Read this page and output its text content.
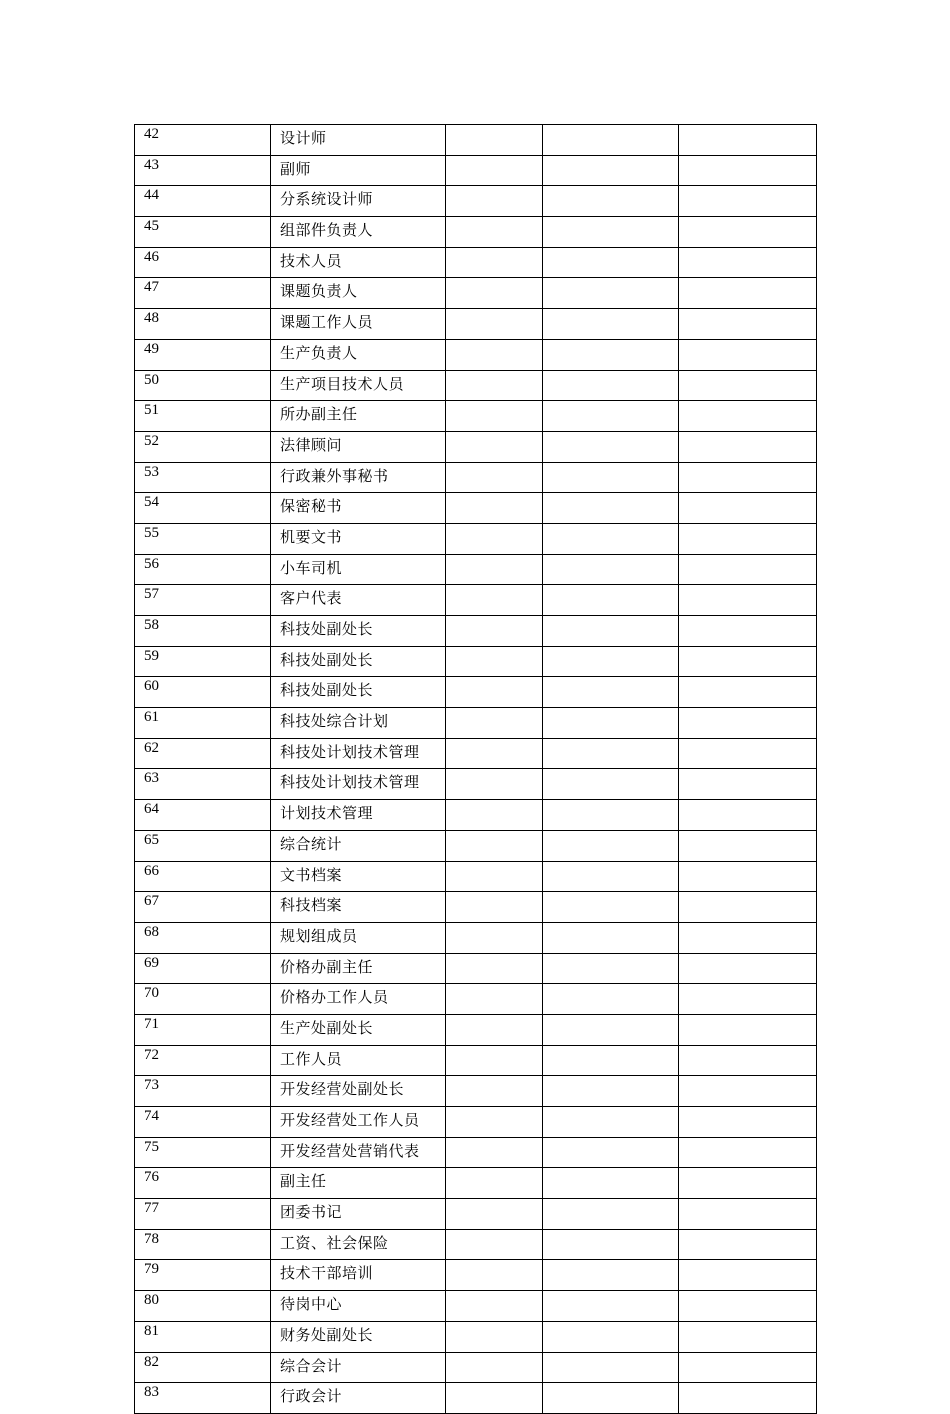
42	设计师			
43	副师			
44	分系统设计师			
45	组部件负责人			
46	技术人员			
47	课题负责人			
48	课题工作人员			
49	生产负责人			
50	生产项目技术人员			
51	所办副主任			
52	法律顾问			
53	行政兼外事秘书			
54	保密秘书			
55	机要文书			
56	小车司机			
57	客户代表			
58	科技处副处长			
59	科技处副处长			
60	科技处副处长			
61	科技处综合计划			
62	科技处计划技术管理			
63	科技处计划技术管理			
64	计划技术管理			
65	综合统计			
66	文书档案			
67	科技档案			
68	规划组成员			
69	价格办副主任			
70	价格办工作人员			
71	生产处副处长			
72	工作人员			
73	开发经营处副处长			
74	开发经营处工作人员			
75	开发经营处营销代表			
76	副主任			
77	团委书记			
78	工资、社会保险			
79	技术干部培训			
80	待岗中心			
81	财务处副处长			
82	综合会计			
83	行政会计			
